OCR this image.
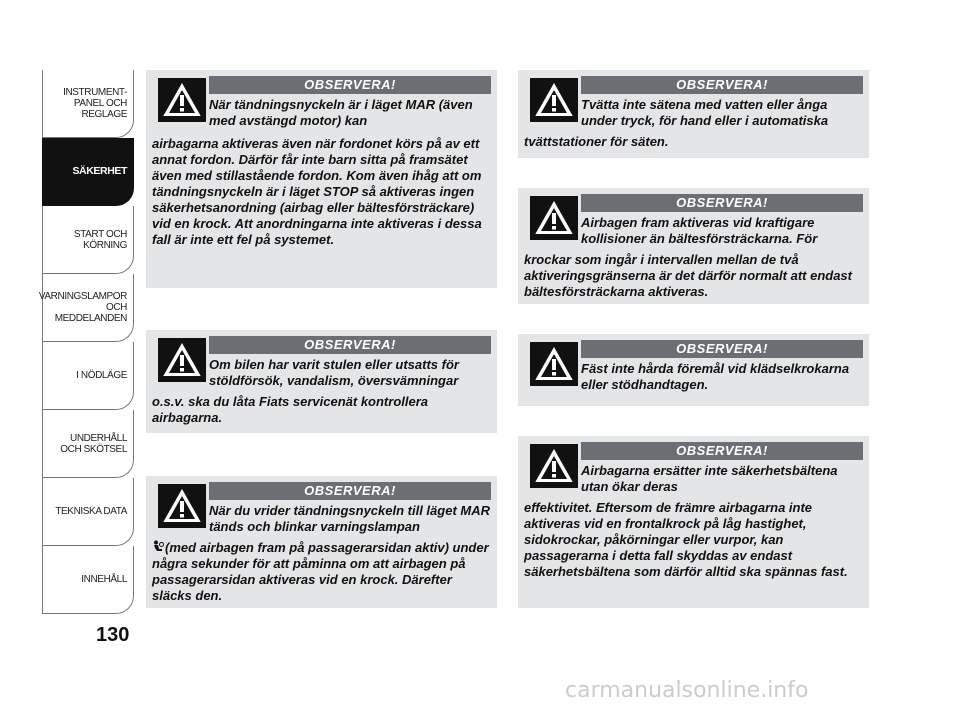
INSTRUMENT-
PANEL OCH
REGLAGE
SÄKERHET
START OCH
KÖRNING
VARNINGSLAMPOR
OCH
MEDDELANDEN
I NÖDLÄGE
UNDERHÅLL
OCH SKÖTSEL
TEKNISKA DATA
INNEHÅLL
130
OBSERVERA!
När tändningsnyckeln är i läget MAR (även med avstängd motor) kan
airbagarna aktiveras även när fordonet körs på av ett annat fordon. Därför får inte barn sitta på framsätet även med stillastående fordon. Kom även ihåg att om tändningsnyckeln är i läget STOP så aktiveras ingen säkerhetsanordning (airbag eller bältesförsträckare) vid en krock. Att anordningarna inte aktiveras i dessa fall är inte ett fel på systemet.
OBSERVERA!
Om bilen har varit stulen eller utsatts för stöldförsök, vandalism, översvämningar
o.s.v. ska du låta Fiats servicenät kontrollera airbagarna.
OBSERVERA!
När du vrider tändningsnyckeln till läget MAR tänds och blinkar varningslampan
(med airbagen fram på passagerarsidan aktiv) under några sekunder för att påminna om att airbagen på passagerarsidan aktiveras vid en krock. Därefter släcks den.
OBSERVERA!
Tvätta inte sätena med vatten eller ånga under tryck, för hand eller i automatiska
tvättstationer för säten.
OBSERVERA!
Airbagen fram aktiveras vid kraftigare kollisioner än bältesförsträckarna. För
krockar som ingår i intervallen mellan de två aktiveringsgränserna är det därför normalt att endast bältesförsträckarna aktiveras.
OBSERVERA!
Fäst inte hårda föremål vid klädselkrokarna eller stödhandtagen.
OBSERVERA!
Airbagarna ersätter inte säkerhetsbältena utan ökar deras
effektivitet. Eftersom de främre airbagarna inte aktiveras vid en frontalkrock på låg hastighet, sidokrockar, påkörningar eller vurpor, kan passagerarna i detta fall skyddas av endast säkerhetsbältena som därför alltid ska spännas fast.
carmanualsonline.info
